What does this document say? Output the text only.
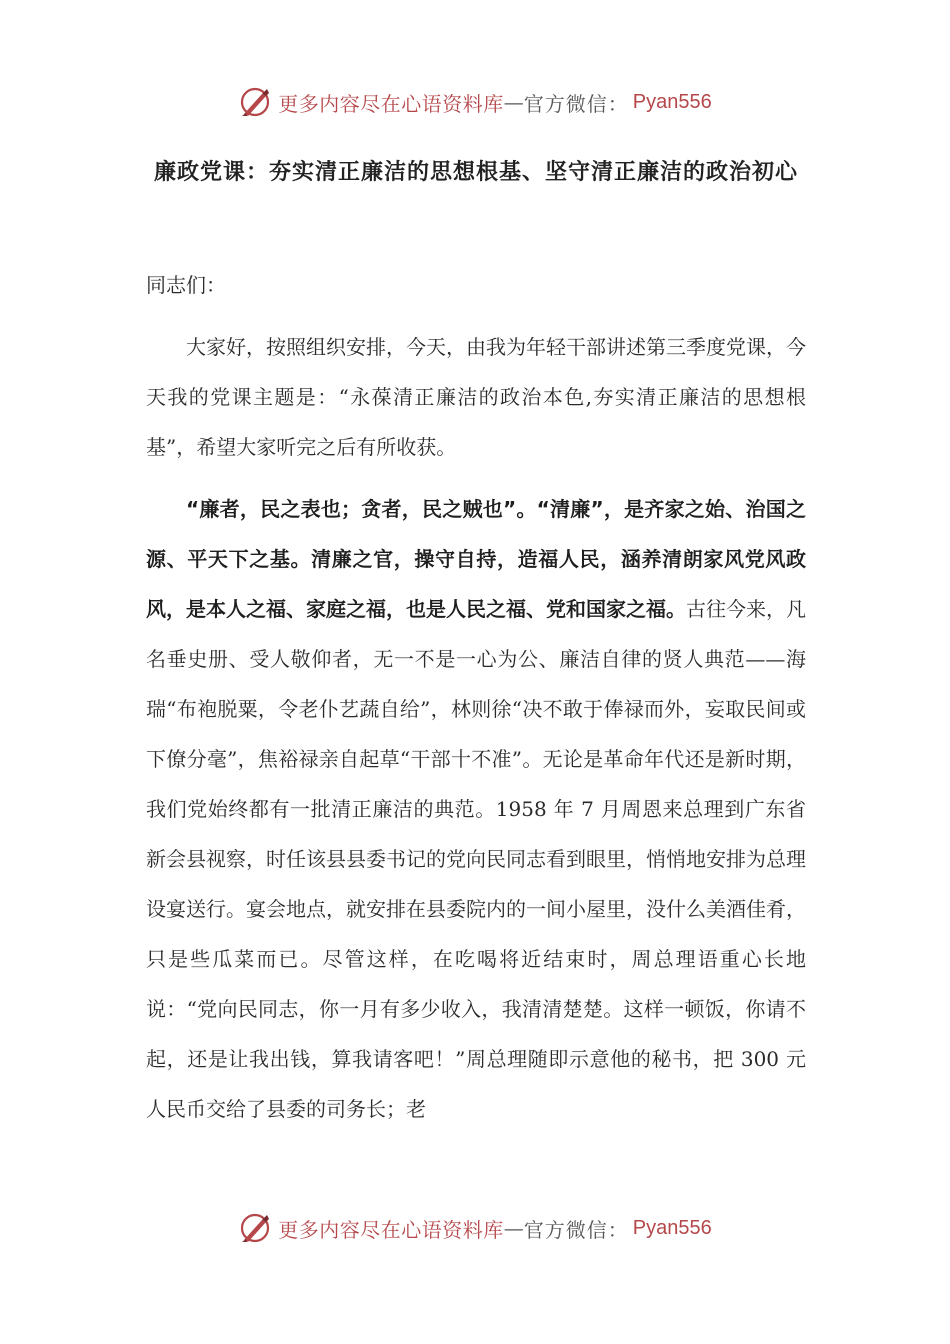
更多内容尽在心语资料库 — 官方微信： Pyan556
廉政党课：夯实清正廉洁的思想根基、坚守清正廉洁的政治初心

同志们：

大家好，按照组织安排，今天，由我为年轻干部讲述第三季度党课，今天我的党课主题是：“永葆清正廉洁的政治本色,夯实清正廉洁的思想根基”，希望大家听完之后有所收获。

“廉者，民之表也；贪者，民之贼也”。“清廉”，是齐家之始、治国之源、平天下之基。清廉之官，操守自持，造福人民，涵养清朗家风党风政风，是本人之福、家庭之福，也是人民之福、党和国家之福。古往今来，凡名垂史册、受人敬仰者，无一不是一心为公、廉洁自律的贤人典范——海瑞“布袍脱粟，令老仆艺蔬自给”，林则徐“决不敢于俸禄而外，妄取民间或下僚分毫”，焦裕禄亲自起草“干部十不准”。无论是革命年代还是新时期，我们党始终都有一批清正廉洁的典范。1958 年 7 月周恩来总理到广东省新会县视察，时任该县县委书记的党向民同志看到眼里，悄悄地安排为总理设宴送行。宴会地点，就安排在县委院内的一间小屋里，没什么美酒佳肴，只是些瓜菜而已。尽管这样，在吃喝将近结束时，周总理语重心长地说：“党向民同志，你一月有多少收入，我清清楚楚。这样一顿饭，你请不起，还是让我出钱，算我请客吧！”周总理随即示意他的秘书，把 300 元人民币交给了县委的司务长；老

更多内容尽在心语资料库 — 官方微信： Pyan556
